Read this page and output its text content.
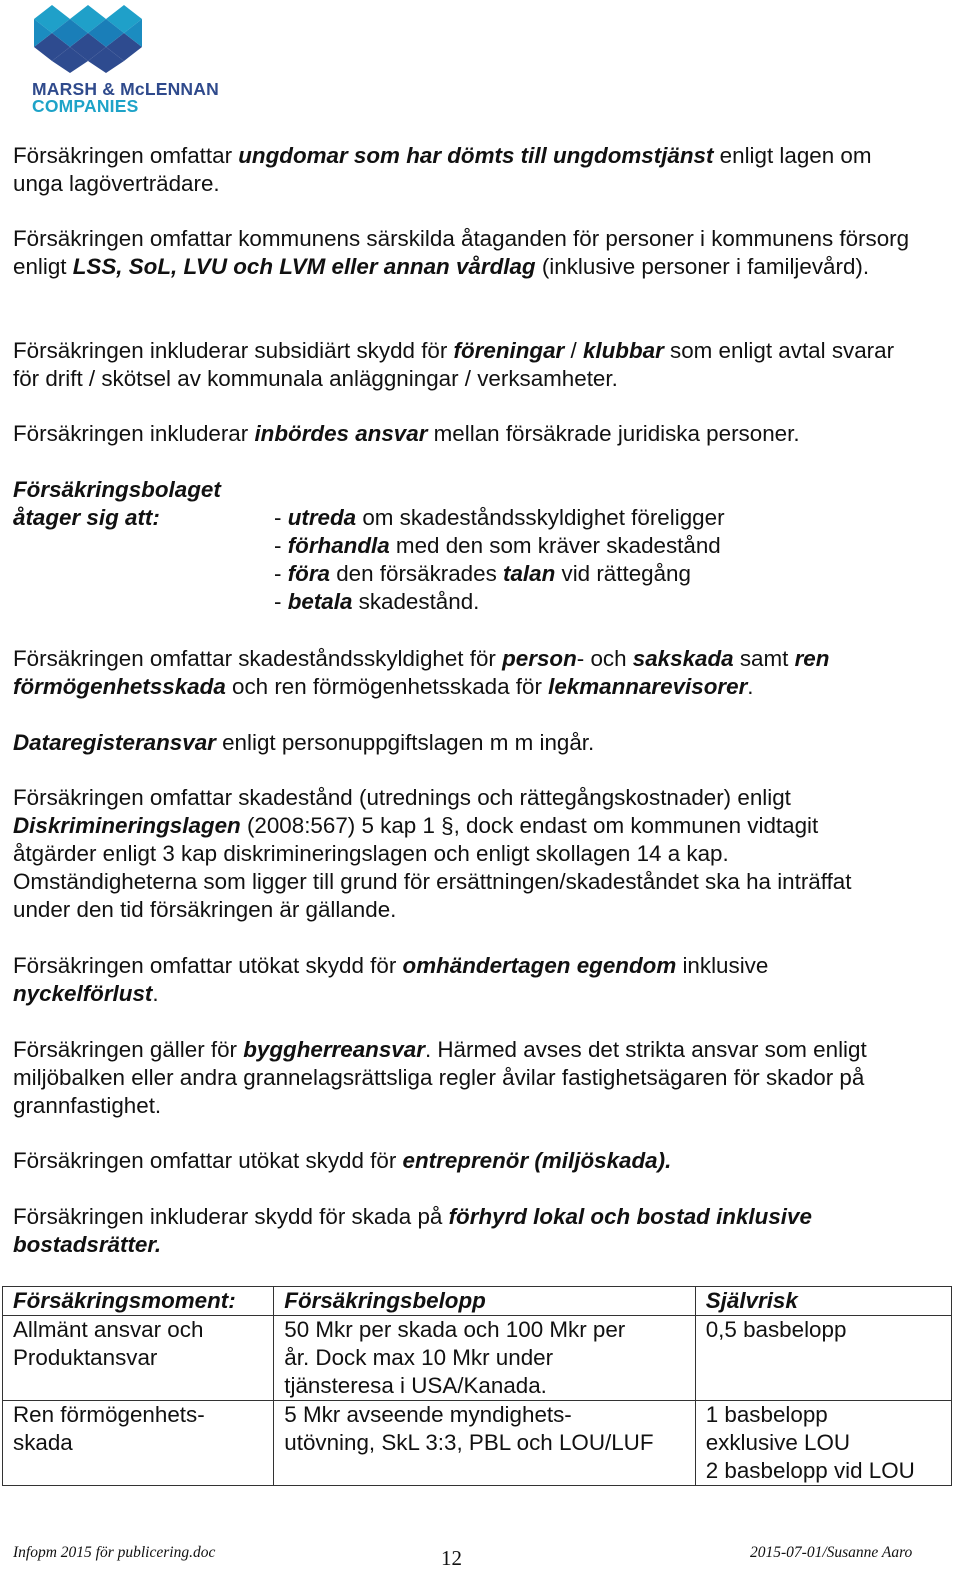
MARSH & McLENNAN
COMPANIES

Försäkringen omfattar ungdomar som har dömts till ungdomstjänst enligt lagen om unga lagöverträdare.

Försäkringen omfattar kommunens särskilda åtaganden för personer i kommunens försorg enligt LSS, SoL, LVU och LVM eller annan vårdlag (inklusive personer i familjevård).

Försäkringen inkluderar subsidiärt skydd för föreningar / klubbar som enligt avtal svarar för drift / skötsel av kommunala anläggningar / verksamheter.

Försäkringen inkluderar inbördes ansvar mellan försäkrade juridiska personer.

Försäkringsbolaget åtager sig att:	- utreda om skadeståndsskyldighet föreligger
- förhandla med den som kräver skadestånd
- föra den försäkrades talan vid rättegång
- betala skadestånd.

Försäkringen omfattar skadeståndsskyldighet för person- och sakskada samt ren förmögenhetsskada och ren förmögenhetsskada för lekmannarevisorer.

Dataregisteransvar enligt personuppgiftslagen m m ingår.

Försäkringen omfattar skadestånd (utrednings och rättegångskostnader) enligt Diskrimineringslagen (2008:567) 5 kap 1 §, dock endast om kommunen vidtagit åtgärder enligt 3 kap diskrimineringslagen och enligt skollagen 14 a kap. Omständigheterna som ligger till grund för ersättningen/skadeståndet ska ha inträffat under den tid försäkringen är gällande.

Försäkringen omfattar utökat skydd för omhändertagen egendom inklusive nyckelförlust.

Försäkringen gäller för byggherreansvar. Härmed avses det strikta ansvar som enligt miljöbalken eller andra grannelagsrättsliga regler åvilar fastighetsägaren för skador på grannfastighet.

Försäkringen omfattar utökat skydd för entreprenör (miljöskada).

Försäkringen inkluderar skydd för skada på förhyrd lokal och bostad inklusive bostadsrätter.

Försäkringsmoment:	Försäkringsbelopp	Självrisk

Allmänt ansvar och
Produktansvar	50 Mkr per skada och 100 Mkr per
år. Dock max 10 Mkr under
tjänsteresa i USA/Kanada.	0,5 basbelopp

Ren förmögenhets-
skada	5 Mkr avseende myndighets-
utövning, SkL 3:3, PBL och LOU/LUF	1 basbelopp
exklusive LOU
2 basbelopp vid LOU
Infopm 2015 för publicering.doc	12	2015-07-01/Susanne Aaro
